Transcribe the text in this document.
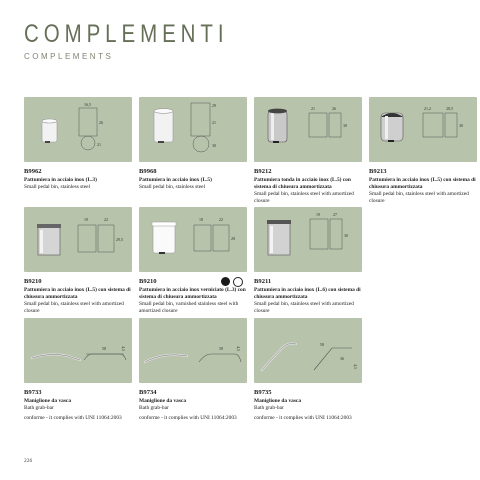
COMPLEMENTI
COMPLEMENTS
16,5
26
21
B9962
Pattumiera in acciaio inox (L.3)
Small pedal bin, stainless steel
29
21
30
B9968
Pattumiera in acciaio inox (L.5)
Small pedal bin, stainless steel
21	26
30
B9212
Pattumiera tonda in acciaio inox (L.5) con sistema di chiusura ammortizzata
Small pedal bin, stainless steel with amortized closure
21,2	28,5
30
B9213
Pattumiera in acciaio inox (L.5) con sistema di chiusura ammortizzata
Small pedal bin, stainless steel with amortized closure
19	22
29,5
B9210
Pattumiera in acciaio inox (L.5) con sistema di chiusura ammortizzata
Small pedal bin, stainless steel with amortized closure
18	22
28
B9210
Pattumiera in acciaio inox verniciato (L.3) con sistema di chiusura ammortizzata
Small pedal bin, varnished stainless steel with amortized closure
19	27
30
B9211
Pattumiera in acciaio inox (L.6) con sistema di chiusura ammortizzata
Small pedal bin, stainless steel with amortized closure
58	4,5
B9733
Maniglione da vasca
Bath grab-bar
conforme - it complies with UNI 11064:2003
58	4,5
B9734
Maniglione da vasca
Bath grab-bar
conforme - it complies with UNI 11064:2003
58
36
4,5
B9735
Maniglione da vasca
Bath grab-bar
conforme - it complies with UNI 11064:2003
226
